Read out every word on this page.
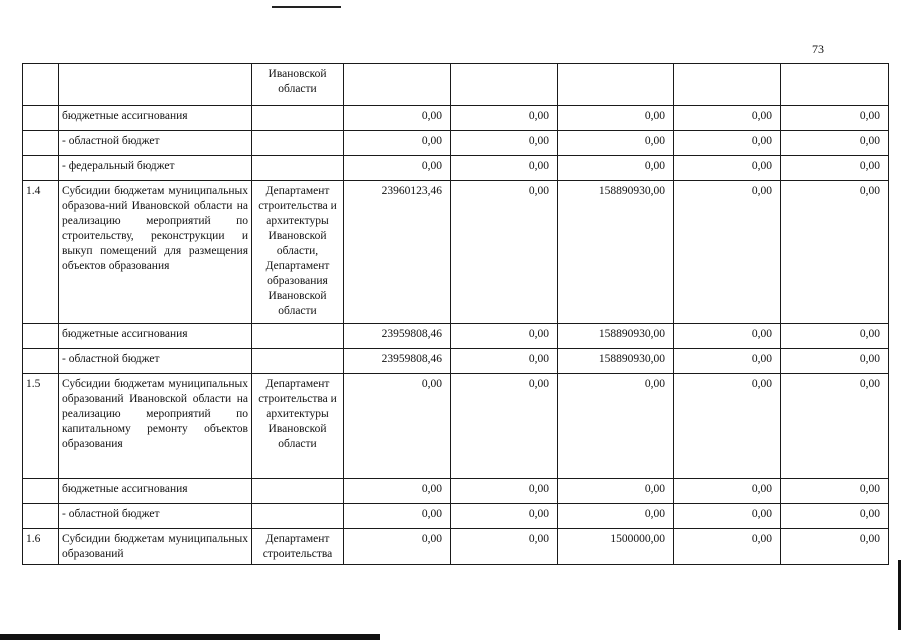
73
		Ивановской области					
	бюджетные ассигнования		0,00	0,00	0,00	0,00	0,00
	- областной бюджет		0,00	0,00	0,00	0,00	0,00
	- федеральный бюджет		0,00	0,00	0,00	0,00	0,00
1.4	Субсидии бюджетам муниципальных образова-ний Ивановской области на реализацию мероприятий по строительству, реконструкции и выкуп помещений для размещения объектов образования	Департамент строительства и архитектуры Ивановской области, Департамент образования Ивановской области	23960123,46	0,00	158890930,00	0,00	0,00
	бюджетные ассигнования		23959808,46	0,00	158890930,00	0,00	0,00
	- областной бюджет		23959808,46	0,00	158890930,00	0,00	0,00
1.5	Субсидии бюджетам муниципальных образований Ивановской области на реализацию мероприятий по капитальному ремонту объектов образования	Департамент строительства и архитектуры Ивановской области	0,00	0,00	0,00	0,00	0,00
	бюджетные ассигнования		0,00	0,00	0,00	0,00	0,00
	- областной бюджет		0,00	0,00	0,00	0,00	0,00
1.6	Субсидии бюджетам муниципальных образований	Департамент строительства	0,00	0,00	1500000,00	0,00	0,00
